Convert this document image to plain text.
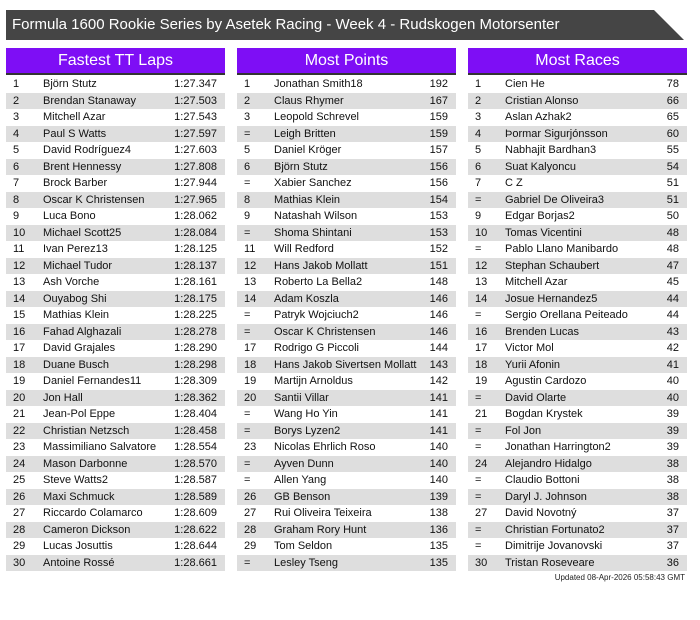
Formula 1600 Rookie Series by Asetek Racing - Week 4 - Rudskogen Motorsenter
Fastest TT Laps
1 Björn Stutz	1:27.347
2 Brendan Stanaway	1:27.503
3 Mitchell Azar	1:27.543
4 Paul S Watts	1:27.597
5 David Rodríguez4	1:27.603
6 Brent Hennessy	1:27.808
7 Brock Barber	1:27.944
8 Oscar K Christensen	1:27.965
9 Luca Bono	1:28.062
10 Michael Scott25	1:28.084
11 Ivan Perez13	1:28.125
12 Michael Tudor	1:28.137
13 Ash Vorche	1:28.161
14 Ouyabog Shi	1:28.175
15 Mathias Klein	1:28.225
16 Fahad Alghazali	1:28.278
17 David Grajales	1:28.290
18 Duane Busch	1:28.298
19 Daniel Fernandes11	1:28.309
20 Jon Hall	1:28.362
21 Jean-Pol Eppe	1:28.404
22 Christian Netzsch	1:28.458
23 Massimiliano Salvatore 1:28.554
24 Mason Darbonne	1:28.570
25 Steve Watts2	1:28.587
26 Maxi Schmuck	1:28.589
27 Riccardo Colamarco	1:28.609
28 Cameron Dickson	1:28.622
29 Lucas Josuttis	1:28.644
30 Antoine Rossé	1:28.661
Most Points
1 Jonathan Smith18	192
2 Claus Rhymer	167
3 Leopold Schrevel	159
= Leigh Britten	159
5 Daniel Kröger	157
6 Björn Stutz	156
= Xabier Sanchez	156
8 Mathias Klein	154
9 Natashah Wilson	153
= Shoma Shintani	153
11 Will Redford	152
12 Hans Jakob Mollatt	151
13 Roberto La Bella2	148
14 Adam Koszla	146
= Patryk Wojciuch2	146
= Oscar K Christensen	146
17 Rodrigo G Piccoli	144
18 Hans Jakob Sivertsen Mollatt 143
19 Martijn Arnoldus	142
20 Santii Villar	141
= Wang Ho Yin	141
= Borys Lyzen2	141
23 Nicolas Ehrlich Roso	140
= Ayven Dunn	140
= Allen Yang	140
26 GB Benson	139
27 Rui Oliveira Teixeira	138
28 Graham Rory Hunt	136
29 Tom Seldon	135
= Lesley Tseng	135
Most Races
1 Cien He	78
2 Cristian Alonso	66
3 Aslan Azhak2	65
4 Þormar Sigurjónsson	60
5 Nabhajit Bardhan3	55
6 Suat Kalyoncu	54
7 C Z	51
= Gabriel De Oliveira3	51
9 Edgar Borjas2	50
10 Tomas Vicentini	48
= Pablo Llano Manibardo	48
12 Stephan Schaubert	47
13 Mitchell Azar	45
14 Josue Hernandez5	44
= Sergio Orellana Peiteado	44
16 Brenden Lucas	43
17 Victor Mol	42
18 Yurii Afonin	41
19 Agustin Cardozo	40
= David Olarte	40
21 Bogdan Krystek	39
= Fol Jon	39
= Jonathan Harrington2	39
24 Alejandro Hidalgo	38
= Claudio Bottoni	38
= Daryl J. Johnson	38
27 David Novotný	37
= Christian Fortunato2	37
= Dimitrije Jovanovski	37
30 Tristan Roseveare	36
Updated 08-Apr-2026 05:58:43 GMT
